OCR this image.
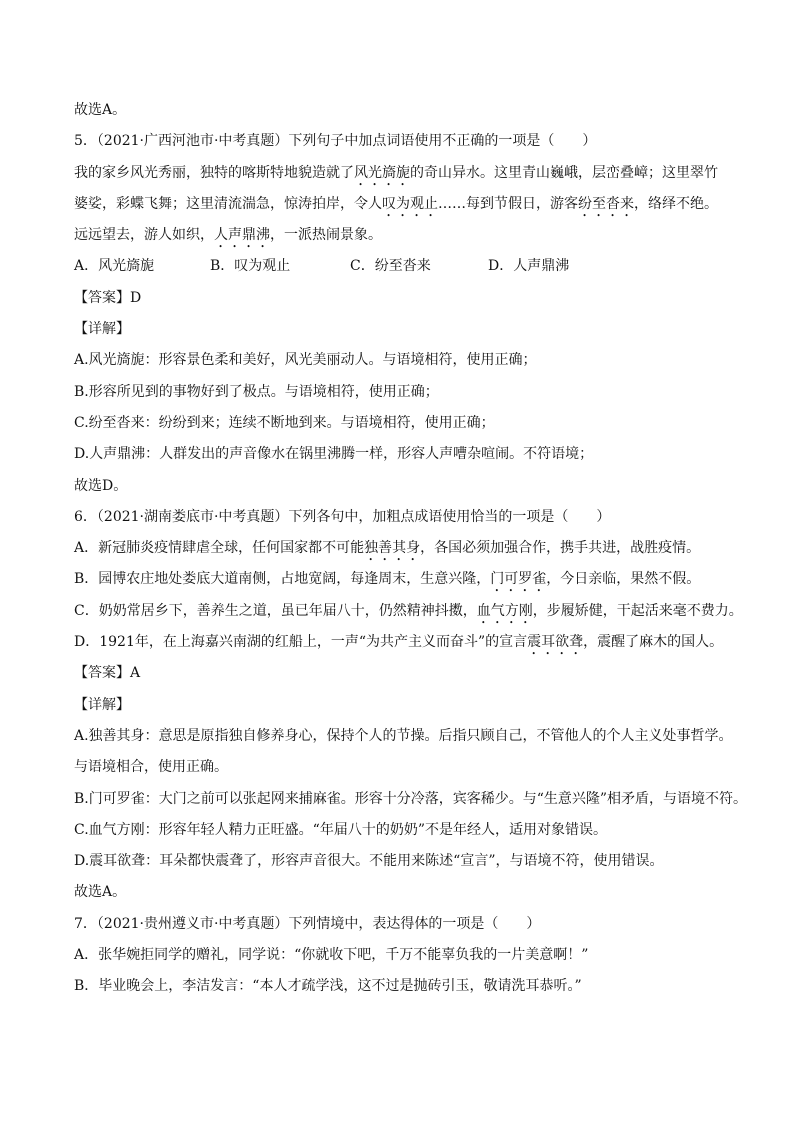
故选A。
5．（2021·广西河池市·中考真题）下列句子中加点词语使用不正确的一项是（　　）
我的家乡风光秀丽，独特的喀斯特地貌造就了风光旖旎的奇山异水。这里青山巍峨，层峦叠嶂；这里翠竹
婆娑，彩蝶飞舞；这里清流湍急，惊涛拍岸，令人叹为观止……每到节假日，游客纷至沓来，络绎不绝。
远远望去，游人如织，人声鼎沸，一派热闹景象。
A．风光旖旎	B．叹为观止	C．纷至沓来	D．人声鼎沸
【答案】D
【详解】
A.风光旖旎：形容景色柔和美好，风光美丽动人。与语境相符，使用正确；
B.形容所见到的事物好到了极点。与语境相符，使用正确；
C.纷至沓来：纷纷到来；连续不断地到来。与语境相符，使用正确；
D.人声鼎沸：人群发出的声音像水在锅里沸腾一样，形容人声嘈杂喧闹。不符语境；
故选D。
6．（2021·湖南娄底市·中考真题）下列各句中，加粗点成语使用恰当的一项是（　　）
A．新冠肺炎疫情肆虐全球，任何国家都不可能独善其身，各国必须加强合作，携手共进，战胜疫情。
B．园博农庄地处娄底大道南侧，占地宽阔，每逢周末，生意兴隆，门可罗雀，今日亲临，果然不假。
C．奶奶常居乡下，善养生之道，虽已年届八十，仍然精神抖擞，血气方刚，步履矫健，干起活来毫不费力。
D．1921年，在上海嘉兴南湖的红船上，一声“为共产主义而奋斗”的宣言震耳欲聋，震醒了麻木的国人。
【答案】A
【详解】
A.独善其身：意思是原指独自修养身心，保持个人的节操。后指只顾自己，不管他人的个人主义处事哲学。
与语境相合，使用正确。
B.门可罗雀：大门之前可以张起网来捕麻雀。形容十分冷落，宾客稀少。与“生意兴隆”相矛盾，与语境不符。
C.血气方刚：形容年轻人精力正旺盛。“年届八十的奶奶”不是年经人，适用对象错误。
D.震耳欲聋：耳朵都快震聋了，形容声音很大。不能用来陈述“宣言”，与语境不符，使用错误。
故选A。
7．（2021·贵州遵义市·中考真题）下列情境中，表达得体的一项是（　　）
A．张华婉拒同学的赠礼，同学说：“你就收下吧，千万不能辜负我的一片美意啊！”
B．毕业晚会上，李洁发言：“本人才疏学浅，这不过是抛砖引玉，敬请洗耳恭听。”
